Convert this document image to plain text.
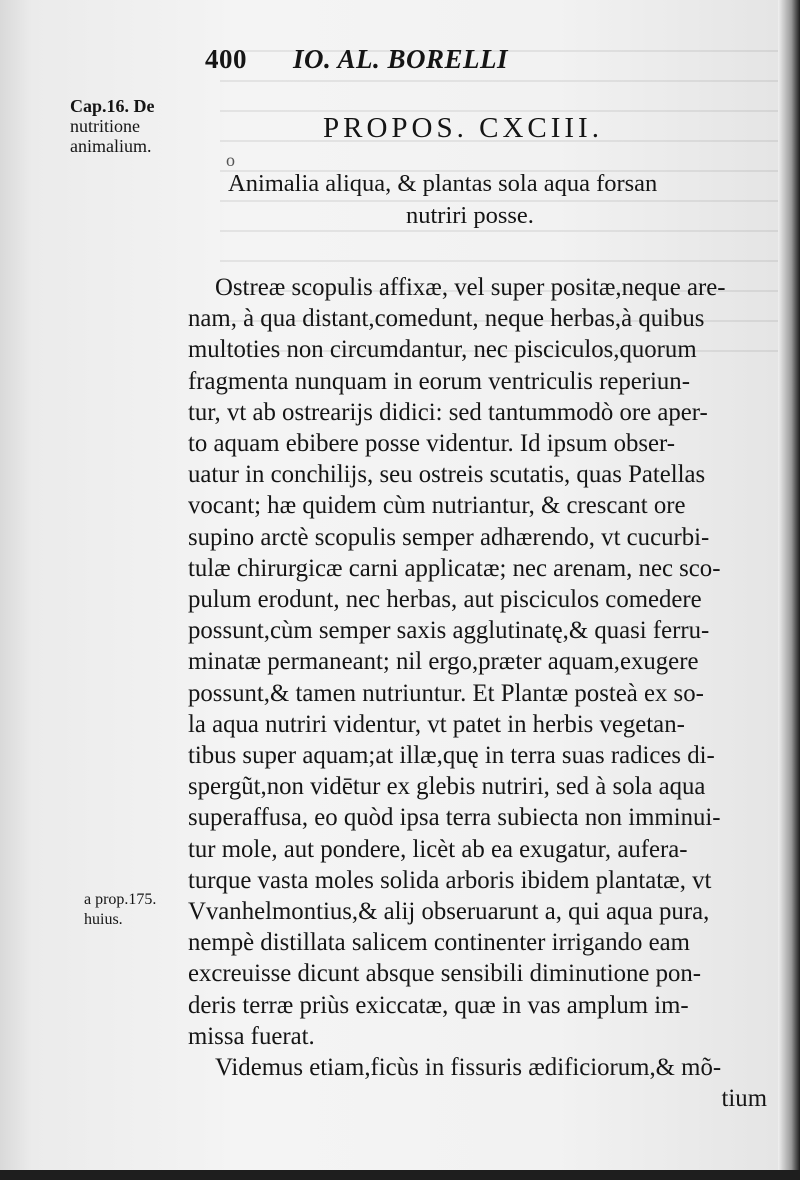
400 IO. AL. BORELLI
Cap.16. De
nutritione
animalium.
PROPOS. CXCIII.
o
Animalia aliqua, & plantas sola aqua forsan
nutriri posse.
Ostreæ scopulis affixæ, vel super positæ,neque are-
nam, à qua distant,comedunt, neque herbas,à quibus
multoties non circumdantur, nec pisciculos,quorum
fragmenta nunquam in eorum ventriculis reperiun-
tur, vt ab ostrearijs didici: sed tantummodò ore aper-
to aquam ebibere posse videntur. Id ipsum obser-
uatur in conchilijs, seu ostreis scutatis, quas Patellas
vocant; hæ quidem cùm nutriantur, & crescant ore
supino arctè scopulis semper adhærendo, vt cucurbi-
tulæ chirurgicæ carni applicatæ; nec arenam, nec sco-
pulum erodunt, nec herbas, aut pisciculos comedere
possunt,cùm semper saxis agglutinatę,& quasi ferru-
minatæ permaneant; nil ergo,præter aquam,exugere
possunt,& tamen nutriuntur. Et Plantæ posteà ex so-
la aqua nutriri videntur, vt patet in herbis vegetan-
tibus super aquam;at illæ,quę in terra suas radices di-
spergũt,non vidētur ex glebis nutriri, sed à sola aqua
superaffusa, eo quòd ipsa terra subiecta non imminui-
tur mole, aut pondere, licèt ab ea exugatur, aufera-
turque vasta moles solida arboris ibidem plantatæ, vt
Vvanhelmontius,& alij obseruarunt a, qui aqua pura,
nempè distillata salicem continenter irrigando eam
excreuisse dicunt absque sensibili diminutione pon-
deris terræ priùs exiccatæ, quæ in vas amplum im-
missa fuerat.
Videmus etiam,ficùs in fissuris ædificiorum,& mõ-
tium
a prop.175.
huius.
